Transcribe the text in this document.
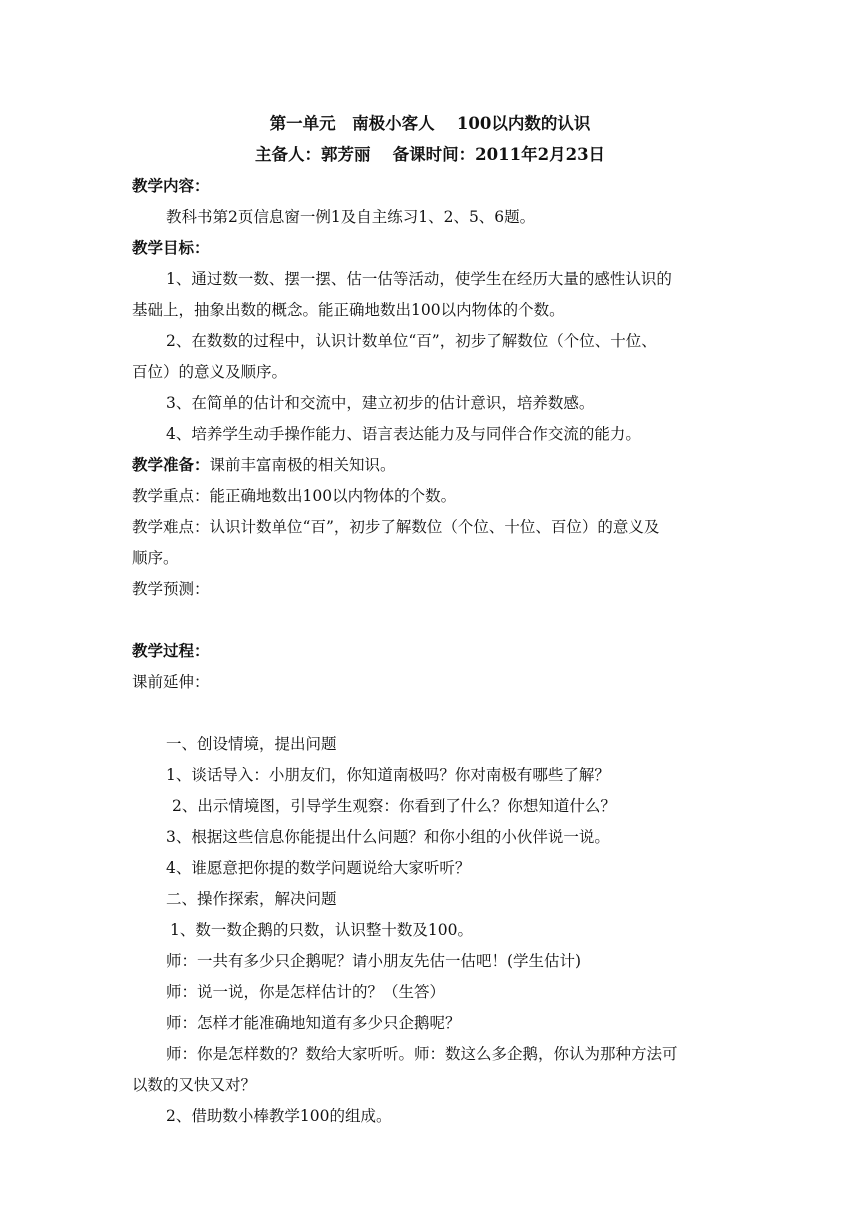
第一单元　南极小客人　 100以内数的认识
主备人：郭芳丽　 备课时间：2011年2月23日
教学内容：
教科书第2页信息窗一例1及自主练习1、2、5、6题。
教学目标：
1、通过数一数、摆一摆、估一估等活动，使学生在经历大量的感性认识的
基础上，抽象出数的概念。能正确地数出100以内物体的个数。
2、在数数的过程中，认识计数单位“百”，初步了解数位（个位、十位、
百位）的意义及顺序。
3、在简单的估计和交流中，建立初步的估计意识，培养数感。
4、培养学生动手操作能力、语言表达能力及与同伴合作交流的能力。
教学准备：课前丰富南极的相关知识。
教学重点：能正确地数出100以内物体的个数。
教学难点：认识计数单位“百”，初步了解数位（个位、十位、百位）的意义及
顺序。
教学预测：
教学过程：
课前延伸：
一、创设情境，提出问题
1、谈话导入：小朋友们，你知道南极吗？你对南极有哪些了解？
2、出示情境图，引导学生观察：你看到了什么？你想知道什么？
3、根据这些信息你能提出什么问题？和你小组的小伙伴说一说。
4、谁愿意把你提的数学问题说给大家听听？
二、操作探索，解决问题
1、数一数企鹅的只数，认识整十数及100。
师：一共有多少只企鹅呢？请小朋友先估一估吧！(学生估计)
师：说一说，你是怎样估计的？（生答）
师：怎样才能准确地知道有多少只企鹅呢？
师：你是怎样数的？数给大家听听。师：数这么多企鹅，你认为那种方法可
以数的又快又对？
2、借助数小棒教学100的组成。
